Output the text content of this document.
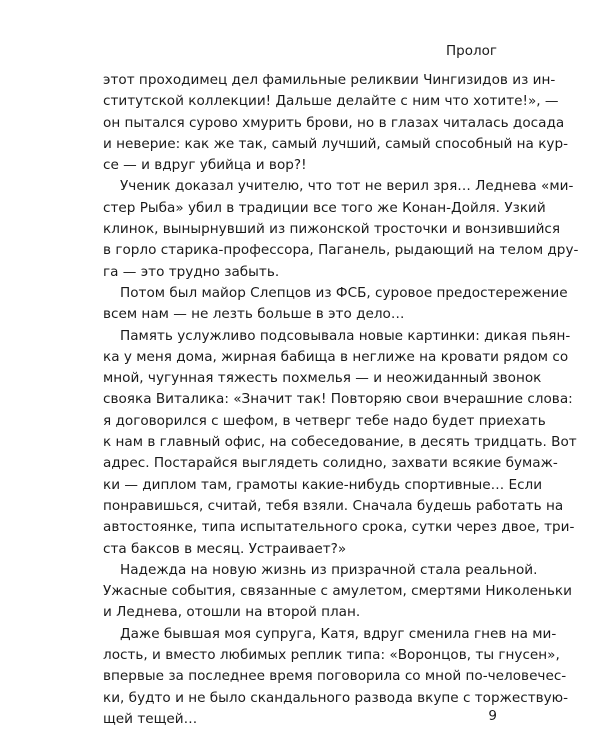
Пролог

этот проходимец дел фамильные реликвии Чингизидов из ин-
ститутской коллекции! Дальше делайте с ним что хотите!», —
он пытался сурово хмурить брови, но в глазах читалась досада
и неверие: как же так, самый лучший, самый способный на кур-
се — и вдруг убийца и вор?!

Ученик доказал учителю, что тот не верил зря… Леднева «ми-
стер Рыба» убил в традиции все того же Конан-Дойля. Узкий
клинок, вынырнувший из пижонской тросточки и вонзившийся
в горло старика-профессора, Паганель, рыдающий на телом дру-
га — это трудно забыть.

Потом был майор Слепцов из ФСБ, суровое предостережение
всем нам — не лезть больше в это дело…

Память услужливо подсовывала новые картинки: дикая пьян-
ка у меня дома, жирная бабища в неглиже на кровати рядом со
мной, чугунная тяжесть похмелья — и неожиданный звонок
свояка Виталика: «Значит так! Повторяю свои вчерашние слова:
я договорился с шефом, в четверг тебе надо будет приехать
к нам в главный офис, на собеседование, в десять тридцать. Вот
адрес. Постарайся выглядеть солидно, захвати всякие бумаж-
ки — диплом там, грамоты какие-нибудь спортивные… Если
понравишься, считай, тебя взяли. Сначала будешь работать на
автостоянке, типа испытательного срока, сутки через двое, три-
ста баксов в месяц. Устраивает?»

Надежда на новую жизнь из призрачной стала реальной.
Ужасные события, связанные с амулетом, смертями Николеньки
и Леднева, отошли на второй план.

Даже бывшая моя супруга, Катя, вдруг сменила гнев на ми-
лость, и вместо любимых реплик типа: «Воронцов, ты гнусен»,
впервые за последнее время поговорила со мной по-человечес-
ки, будто и не было скандального развода вкупе с торжествую-
щей тещей…	9
